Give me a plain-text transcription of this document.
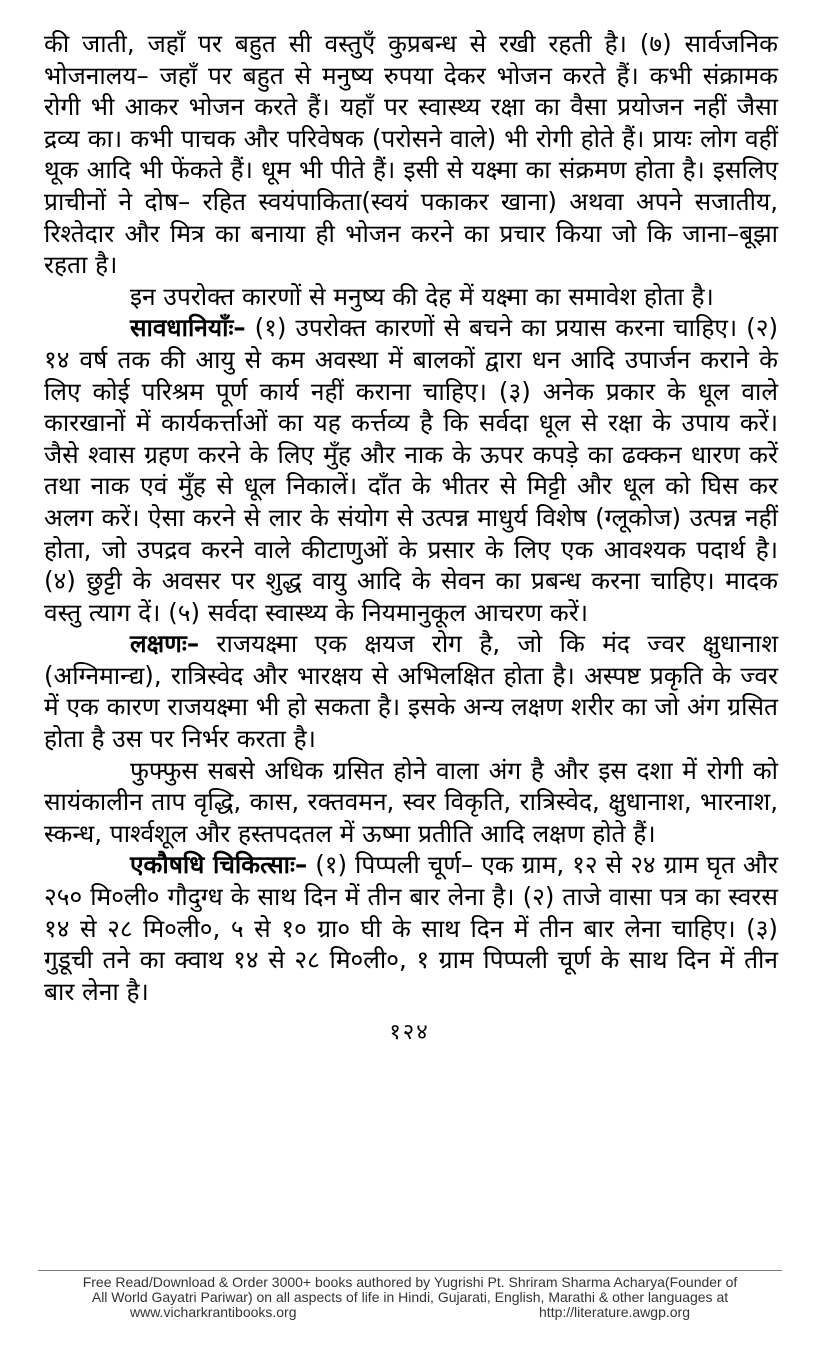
की जाती, जहाँ पर बहुत सी वस्तुएँ कुप्रबन्ध से रखी रहती है। (७) सार्वजनिक भोजनालय– जहाँ पर बहुत से मनुष्य रुपया देकर भोजन करते हैं। कभी संक्रामक रोगी भी आकर भोजन करते हैं। यहाँ पर स्वास्थ्य रक्षा का वैसा प्रयोजन नहीं जैसा द्रव्य का। कभी पाचक और परिवेषक (परोसने वाले) भी रोगी होते हैं। प्रायः लोग वहीं थूक आदि भी फेंकते हैं। धूम भी पीते हैं। इसी से यक्ष्मा का संक्रमण होता है। इसलिए प्राचीनों ने दोष– रहित स्वयंपाकिता(स्वयं पकाकर खाना) अथवा अपने सजातीय, रिश्तेदार और मित्र का बनाया ही भोजन करने का प्रचार किया जो कि जाना–बूझा रहता है।

इन उपरोक्त कारणों से मनुष्य की देह में यक्ष्मा का समावेश होता है।

सावधानियाँः– (१) उपरोक्त कारणों से बचने का प्रयास करना चाहिए। (२) १४ वर्ष तक की आयु से कम अवस्था में बालकों द्वारा धन आदि उपार्जन कराने के लिए कोई परिश्रम पूर्ण कार्य नहीं कराना चाहिए। (३) अनेक प्रकार के धूल वाले कारखानों में कार्यकर्त्ताओं का यह कर्त्तव्य है कि सर्वदा धूल से रक्षा के उपाय करें। जैसे श्वास ग्रहण करने के लिए मुँह और नाक के ऊपर कपड़े का ढक्कन धारण करें तथा नाक एवं मुँह से धूल निकालें। दाँत के भीतर से मिट्टी और धूल को घिस कर अलग करें। ऐसा करने से लार के संयोग से उत्पन्न माधुर्य विशेष (ग्लूकोज) उत्पन्न नहीं होता, जो उपद्रव करने वाले कीटाणुओं के प्रसार के लिए एक आवश्यक पदार्थ है। (४) छुट्टी के अवसर पर शुद्ध वायु आदि के सेवन का प्रबन्ध करना चाहिए। मादक वस्तु त्याग दें। (५) सर्वदा स्वास्थ्य के नियमानुकूल आचरण करें।

लक्षणः– राजयक्ष्मा एक क्षयज रोग है, जो कि मंद ज्वर क्षुधानाश (अग्निमान्द्य), रात्रिस्वेद और भारक्षय से अभिलक्षित होता है। अस्पष्ट प्रकृति के ज्वर में एक कारण राजयक्ष्मा भी हो सकता है। इसके अन्य लक्षण शरीर का जो अंग ग्रसित होता है उस पर निर्भर करता है।

फुफ्फुस सबसे अधिक ग्रसित होने वाला अंग है और इस दशा में रोगी को सायंकालीन ताप वृद्धि, कास, रक्तवमन, स्वर विकृति, रात्रिस्वेद, क्षुधानाश, भारनाश, स्कन्ध, पार्श्वशूल और हस्तपदतल में ऊष्मा प्रतीति आदि लक्षण होते हैं।

एकौषधि चिकित्साः– (१) पिप्पली चूर्ण– एक ग्राम, १२ से २४ ग्राम घृत और २५० मि०ली० गौदुग्ध के साथ दिन में तीन बार लेना है। (२) ताजे वासा पत्र का स्वरस १४ से २८ मि०ली०, ५ से १० ग्रा० घी के साथ दिन में तीन बार लेना चाहिए। (३) गुडूची तने का क्वाथ १४ से २८ मि०ली०, १ ग्राम पिप्पली चूर्ण के साथ दिन में तीन बार लेना है।

१२४
Free Read/Download & Order 3000+ books authored by Yugrishi Pt. Shriram Sharma Acharya(Founder of
All World Gayatri Pariwar) on all aspects of life in Hindi, Gujarati, English, Marathi & other languages at
www.vicharkrantibooks.org	http://literature.awgp.org
